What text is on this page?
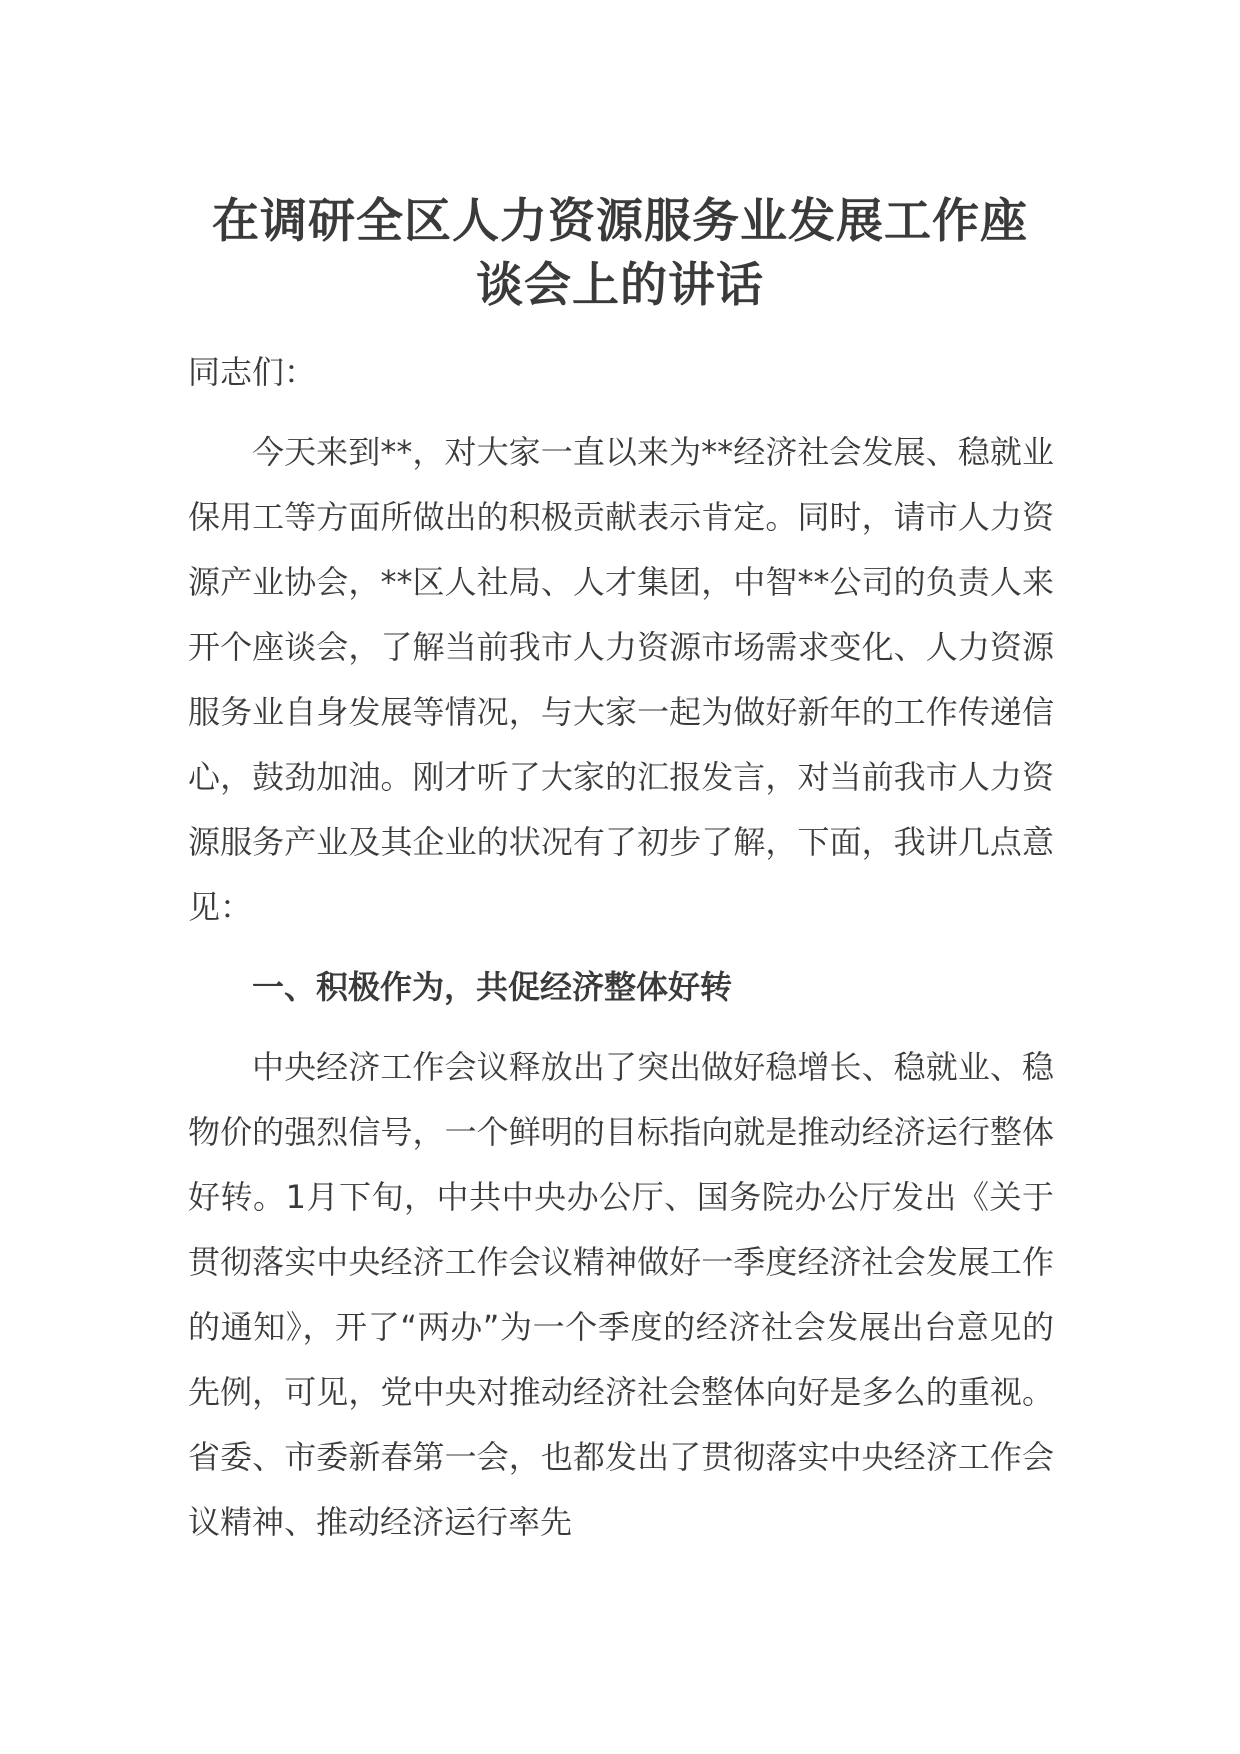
在调研全区人力资源服务业发展工作座谈会上的讲话

同志们：

今天来到**，对大家一直以来为**经济社会发展、稳就业保用工等方面所做出的积极贡献表示肯定。同时，请市人力资源产业协会，**区人社局、人才集团，中智**公司的负责人来开个座谈会，了解当前我市人力资源市场需求变化、人力资源服务业自身发展等情况，与大家一起为做好新年的工作传递信心，鼓劲加油。刚才听了大家的汇报发言，对当前我市人力资源服务产业及其企业的状况有了初步了解，下面，我讲几点意见：

一、积极作为，共促经济整体好转

中央经济工作会议释放出了突出做好稳增长、稳就业、稳物价的强烈信号，一个鲜明的目标指向就是推动经济运行整体好转。1月下旬，中共中央办公厅、国务院办公厅发出《关于贯彻落实中央经济工作会议精神做好一季度经济社会发展工作的通知》，开了“两办”为一个季度的经济社会发展出台意见的先例，可见，党中央对推动经济社会整体向好是多么的重视。省委、市委新春第一会，也都发出了贯彻落实中央经济工作会议精神、推动经济运行率先
